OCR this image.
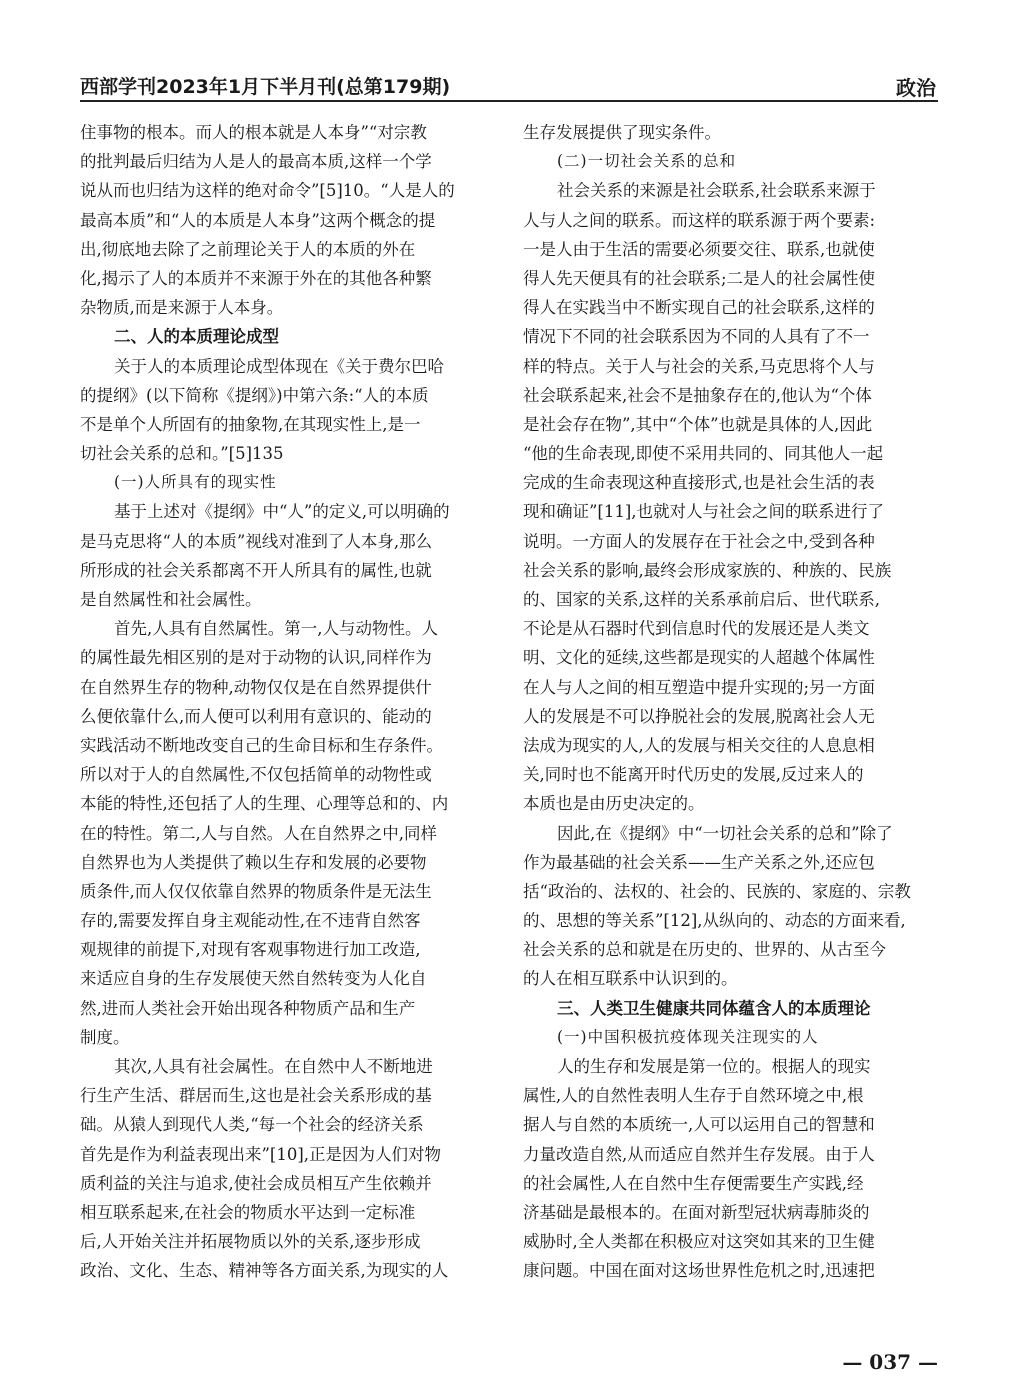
西部学刊2023年1月下半月刊(总第179期)	政治
住事物的根本。而人的根本就是人本身”“对宗教
的批判最后归结为人是人的最高本质,这样一个学
说从而也归结为这样的绝对命令”[5]10。“人是人的
最高本质”和“人的本质是人本身”这两个概念的提
出,彻底地去除了之前理论关于人的本质的外在
化,揭示了人的本质并不来源于外在的其他各种繁
杂物质,而是来源于人本身。
二、人的本质理论成型
关于人的本质理论成型体现在《关于费尔巴哈
的提纲》(以下简称《提纲》)中第六条:“人的本质
不是单个人所固有的抽象物,在其现实性上,是一
切社会关系的总和。”[5]135
(一)人所具有的现实性
基于上述对《提纲》中“人”的定义,可以明确的
是马克思将“人的本质”视线对准到了人本身,那么
所形成的社会关系都离不开人所具有的属性,也就
是自然属性和社会属性。
首先,人具有自然属性。第一,人与动物性。人
的属性最先相区别的是对于动物的认识,同样作为
在自然界生存的物种,动物仅仅是在自然界提供什
么便依靠什么,而人便可以利用有意识的、能动的
实践活动不断地改变自己的生命目标和生存条件。
所以对于人的自然属性,不仅包括简单的动物性或
本能的特性,还包括了人的生理、心理等总和的、内
在的特性。第二,人与自然。人在自然界之中,同样
自然界也为人类提供了赖以生存和发展的必要物
质条件,而人仅仅依靠自然界的物质条件是无法生
存的,需要发挥自身主观能动性,在不违背自然客
观规律的前提下,对现有客观事物进行加工改造,
来适应自身的生存发展使天然自然转变为人化自
然,进而人类社会开始出现各种物质产品和生产
制度。
其次,人具有社会属性。在自然中人不断地进
行生产生活、群居而生,这也是社会关系形成的基
础。从猿人到现代人类,“每一个社会的经济关系
首先是作为利益表现出来”[10],正是因为人们对物
质利益的关注与追求,使社会成员相互产生依赖并
相互联系起来,在社会的物质水平达到一定标准
后,人开始关注并拓展物质以外的关系,逐步形成
政治、文化、生态、精神等各方面关系,为现实的人
生存发展提供了现实条件。
(二)一切社会关系的总和
社会关系的来源是社会联系,社会联系来源于
人与人之间的联系。而这样的联系源于两个要素:
一是人由于生活的需要必须要交往、联系,也就使
得人先天便具有的社会联系;二是人的社会属性使
得人在实践当中不断实现自己的社会联系,这样的
情况下不同的社会联系因为不同的人具有了不一
样的特点。关于人与社会的关系,马克思将个人与
社会联系起来,社会不是抽象存在的,他认为“个体
是社会存在物”,其中“个体”也就是具体的人,因此
“他的生命表现,即使不采用共同的、同其他人一起
完成的生命表现这种直接形式,也是社会生活的表
现和确证”[11],也就对人与社会之间的联系进行了
说明。一方面人的发展存在于社会之中,受到各种
社会关系的影响,最终会形成家族的、种族的、民族
的、国家的关系,这样的关系承前启后、世代联系,
不论是从石器时代到信息时代的发展还是人类文
明、文化的延续,这些都是现实的人超越个体属性
在人与人之间的相互塑造中提升实现的;另一方面
人的发展是不可以挣脱社会的发展,脱离社会人无
法成为现实的人,人的发展与相关交往的人息息相
关,同时也不能离开时代历史的发展,反过来人的
本质也是由历史决定的。
因此,在《提纲》中“一切社会关系的总和”除了
作为最基础的社会关系——生产关系之外,还应包
括“政治的、法权的、社会的、民族的、家庭的、宗教
的、思想的等关系”[12],从纵向的、动态的方面来看,
社会关系的总和就是在历史的、世界的、从古至今
的人在相互联系中认识到的。
三、人类卫生健康共同体蕴含人的本质理论
(一)中国积极抗疫体现关注现实的人
人的生存和发展是第一位的。根据人的现实
属性,人的自然性表明人生存于自然环境之中,根
据人与自然的本质统一,人可以运用自己的智慧和
力量改造自然,从而适应自然并生存发展。由于人
的社会属性,人在自然中生存便需要生产实践,经
济基础是最根本的。在面对新型冠状病毒肺炎的
威胁时,全人类都在积极应对这突如其来的卫生健
康问题。中国在面对这场世界性危机之时,迅速把
— 037 —
